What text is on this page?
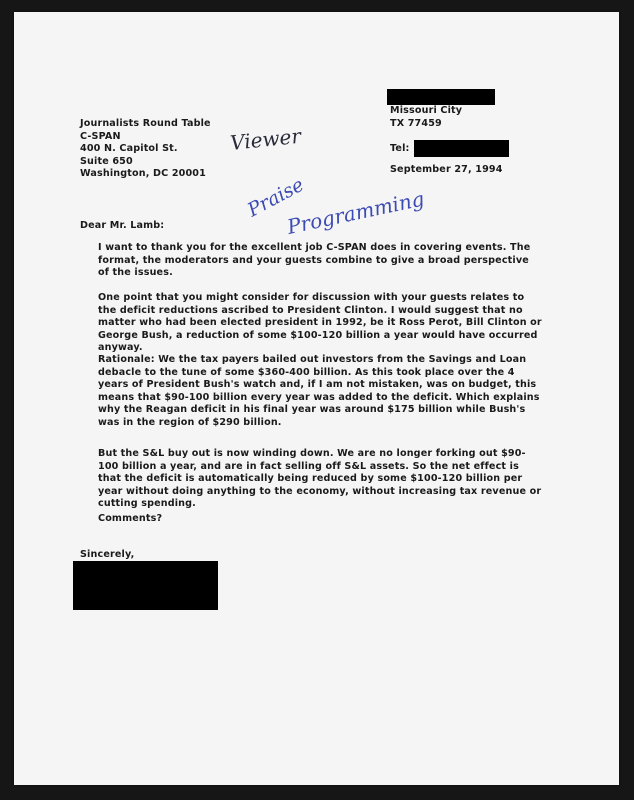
Missouri City
TX 77459
Tel:
September 27, 1994
Journalists Round Table
C-SPAN
400 N. Capitol St.
Suite 650
Washington, DC 20001
Viewer
Praise
Programming
Dear Mr. Lamb:
I want to thank you for the excellent job C-SPAN does in covering events. The format, the moderators and your guests combine to give a broad perspective of the issues.
One point that you might consider for discussion with your guests relates to the deficit reductions ascribed to President Clinton. I would suggest that no matter who had been elected president in 1992, be it Ross Perot, Bill Clinton or George Bush, a reduction of some $100-120 billion a year would have occurred anyway.
Rationale: We the tax payers bailed out investors from the Savings and Loan debacle to the tune of some $360-400 billion. As this took place over the 4 years of President Bush's watch and, if I am not mistaken, was on budget, this means that $90-100 billion every year was added to the deficit. Which explains why the Reagan deficit in his final year was around $175 billion while Bush's was in the region of $290 billion.
But the S&L buy out is now winding down. We are no longer forking out $90-100 billion a year, and are in fact selling off S&L assets. So the net effect is that the deficit is automatically being reduced by some $100-120 billion per year without doing anything to the economy, without increasing tax revenue or cutting spending.
Comments?
Sincerely,
